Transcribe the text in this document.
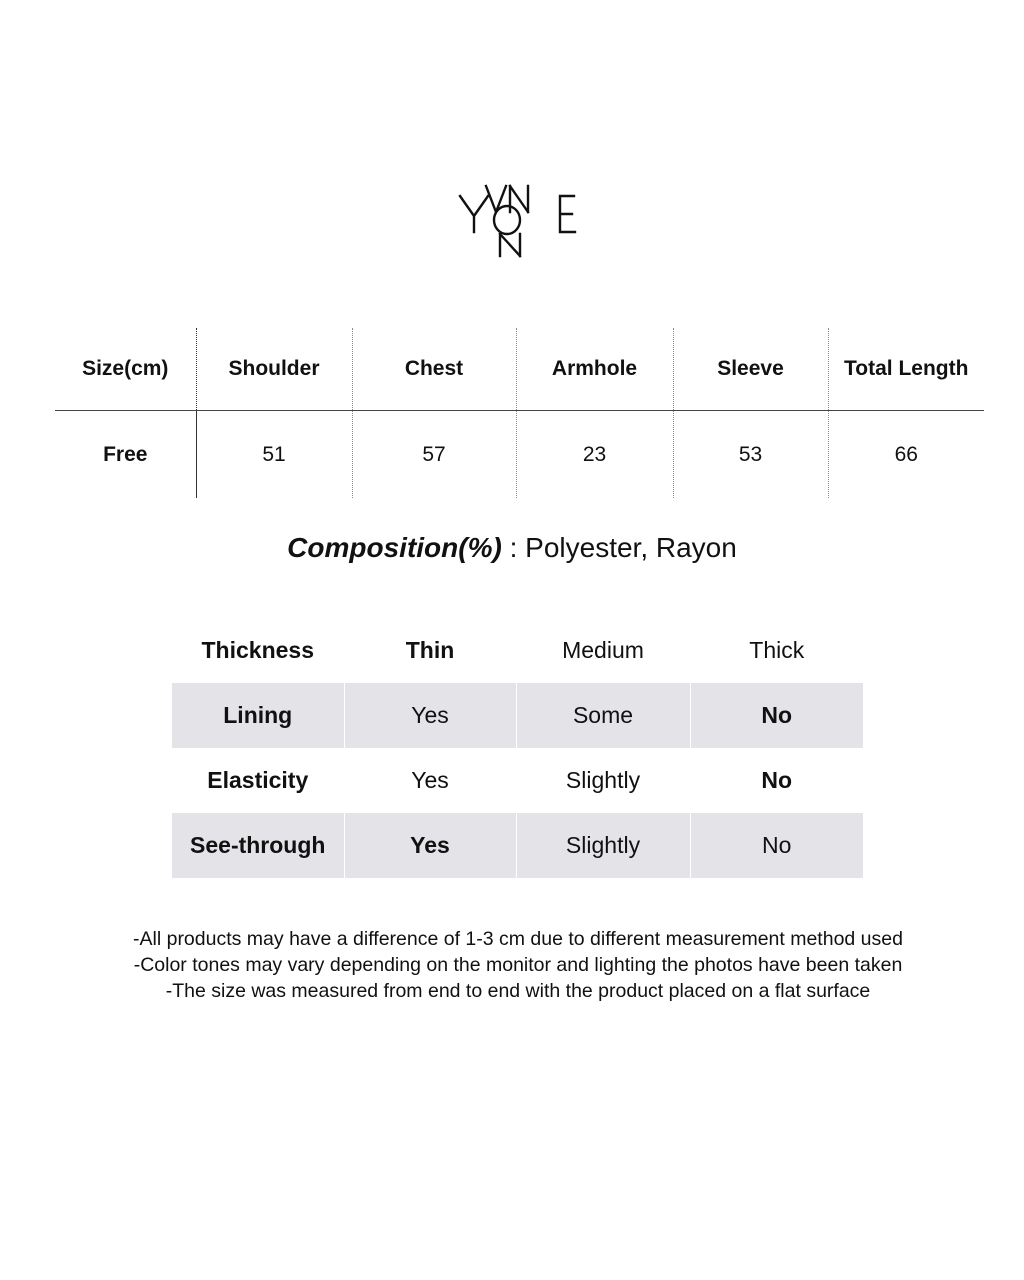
Size(cm)	Shoulder	Chest	Armhole	Sleeve	Total Length
Free	51	57	23	53	66
Composition(%) : Polyester, Rayon
Thickness	Thin	Medium	Thick
Lining	Yes	Some	No
Elasticity	Yes	Slightly	No
See-through	Yes	Slightly	No
-All products may have a difference of 1-3 cm due to different measurement method used
-Color tones may vary depending on the monitor and lighting the photos have been taken
-The size was measured from end to end with the product placed on a flat surface
